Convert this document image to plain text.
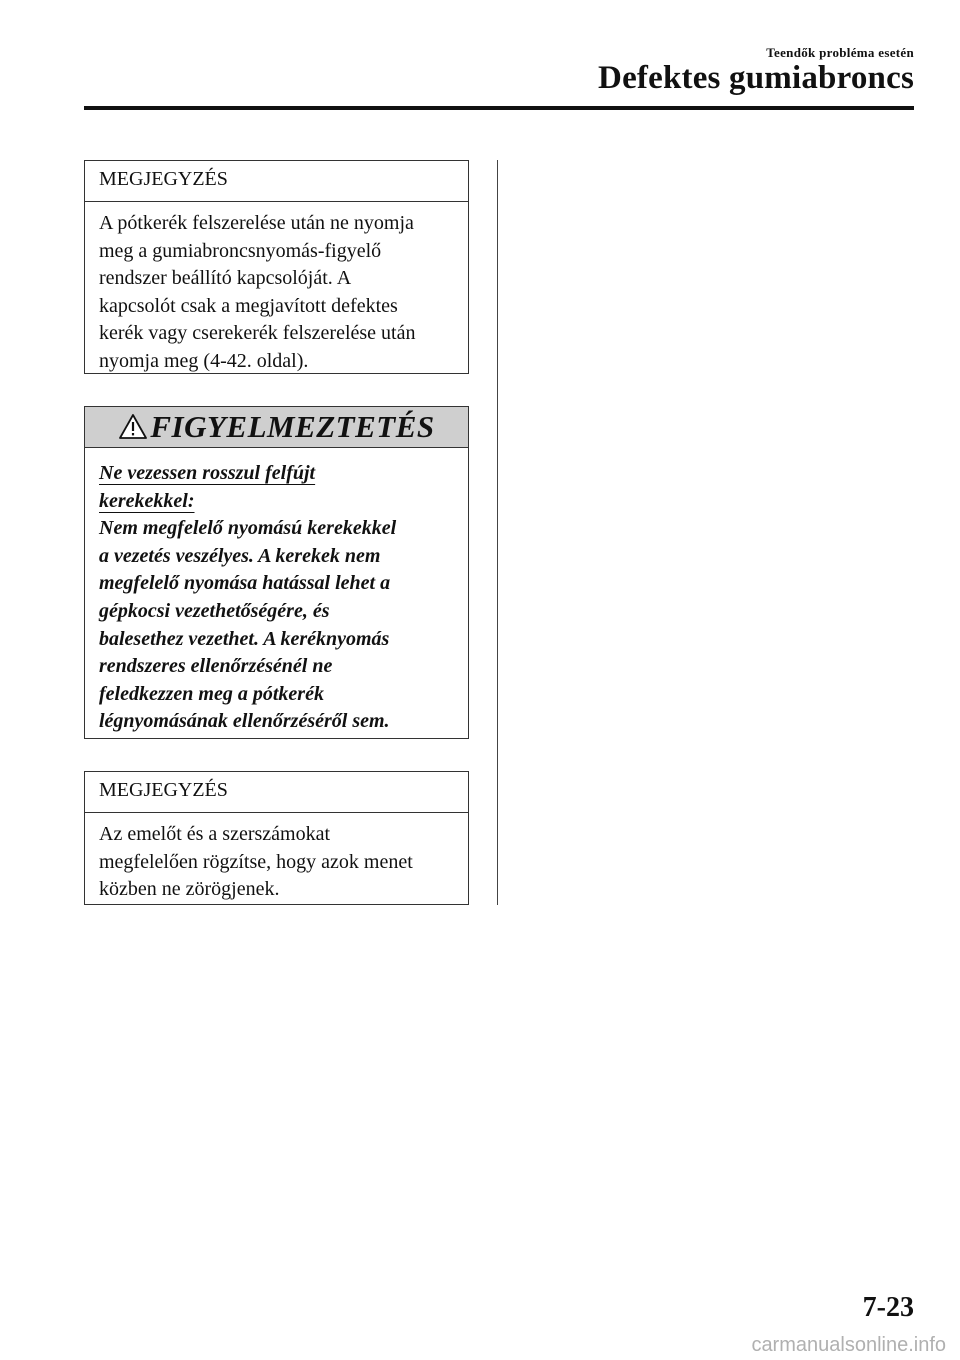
Teendők probléma esetén
Defektes gumiabroncs
MEGJEGYZÉS
A pótkerék felszerelése után ne nyomja
meg a gumiabroncsnyomás-figyelő
rendszer beállító kapcsolóját. A
kapcsolót csak a megjavított defektes
kerék vagy cserekerék felszerelése után
nyomja meg (4-42. oldal).
FIGYELMEZTETÉS
Ne vezessen rosszul felfújt
kerekekkel:
Nem megfelelő nyomású kerekekkel
a vezetés veszélyes. A kerekek nem
megfelelő nyomása hatással lehet a
gépkocsi vezethetőségére, és
balesethez vezethet. A keréknyomás
rendszeres ellenőrzésénél ne
feledkezzen meg a pótkerék
légnyomásának ellenőrzéséről sem.
MEGJEGYZÉS
Az emelőt és a szerszámokat
megfelelően rögzítse, hogy azok menet
közben ne zörögjenek.
7-23
carmanualsonline.info
